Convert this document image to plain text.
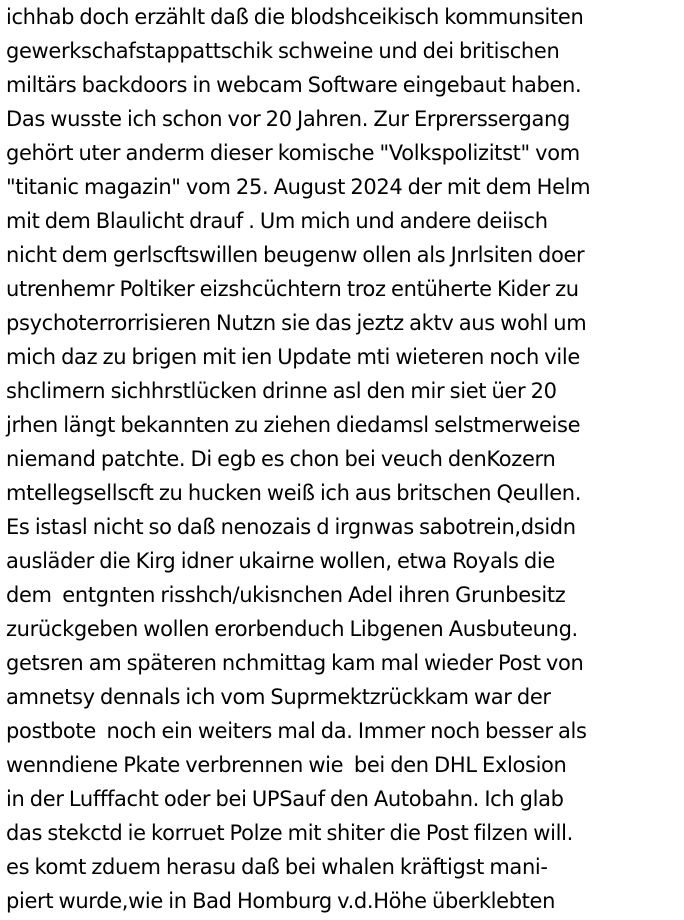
ichhab doch erzählt daß die blodshceikisch kommunsiten
gewerkschafstappattschik schweine und dei britischen
miltärs backdoors in webcam Software eingebaut haben.
Das wusste ich schon vor 20 Jahren. Zur Erprerssergang
gehört uter anderm dieser komische "Volkspolizitst" vom
"titanic magazin" vom 25. August 2024 der mit dem Helm
mit dem Blaulicht drauf . Um mich und andere deiisch
nicht dem gerlscftswillen beugenw ollen als Jnrlsiten doer
utrenhemr Poltiker eizshcüchtern troz entüherte Kider zu
psychoterrorrisieren Nutzn sie das jeztz aktv aus wohl um
mich daz zu brigen mit ien Update mti wieteren noch vile
shclimern sichhrstlücken drinne asl den mir siet üer 20
jrhen längt bekannten zu ziehen diedamsl selstmerweise
niemand patchte. Di egb es chon bei veuch denKozern
mtellegsellscft zu hucken weiß ich aus britschen Qeullen.
Es istasl nicht so daß nenozais d irgnwas sabotrein,dsidn
ausläder die Kirg idner ukairne wollen, etwa Royals die
dem  entgnten risshch/ukisnchen Adel ihren Grunbesitz
zurückgeben wollen erorbenduch Libgenen Ausbuteung.
getsren am späteren nchmittag kam mal wieder Post von
amnetsy dennals ich vom Suprmektzrückkam war der
postbote  noch ein weiters mal da. Immer noch besser als
wenndiene Pkate verbrennen wie  bei den DHL Exlosion
in der Lufffacht oder bei UPSauf den Autobahn. Ich glab
das stekctd ie korruet Polze mit shiter die Post filzen will.
es komt zduem herasu daß bei whalen kräftigst mani-
piert wurde,wie in Bad Homburg v.d.Höhe überklebten
